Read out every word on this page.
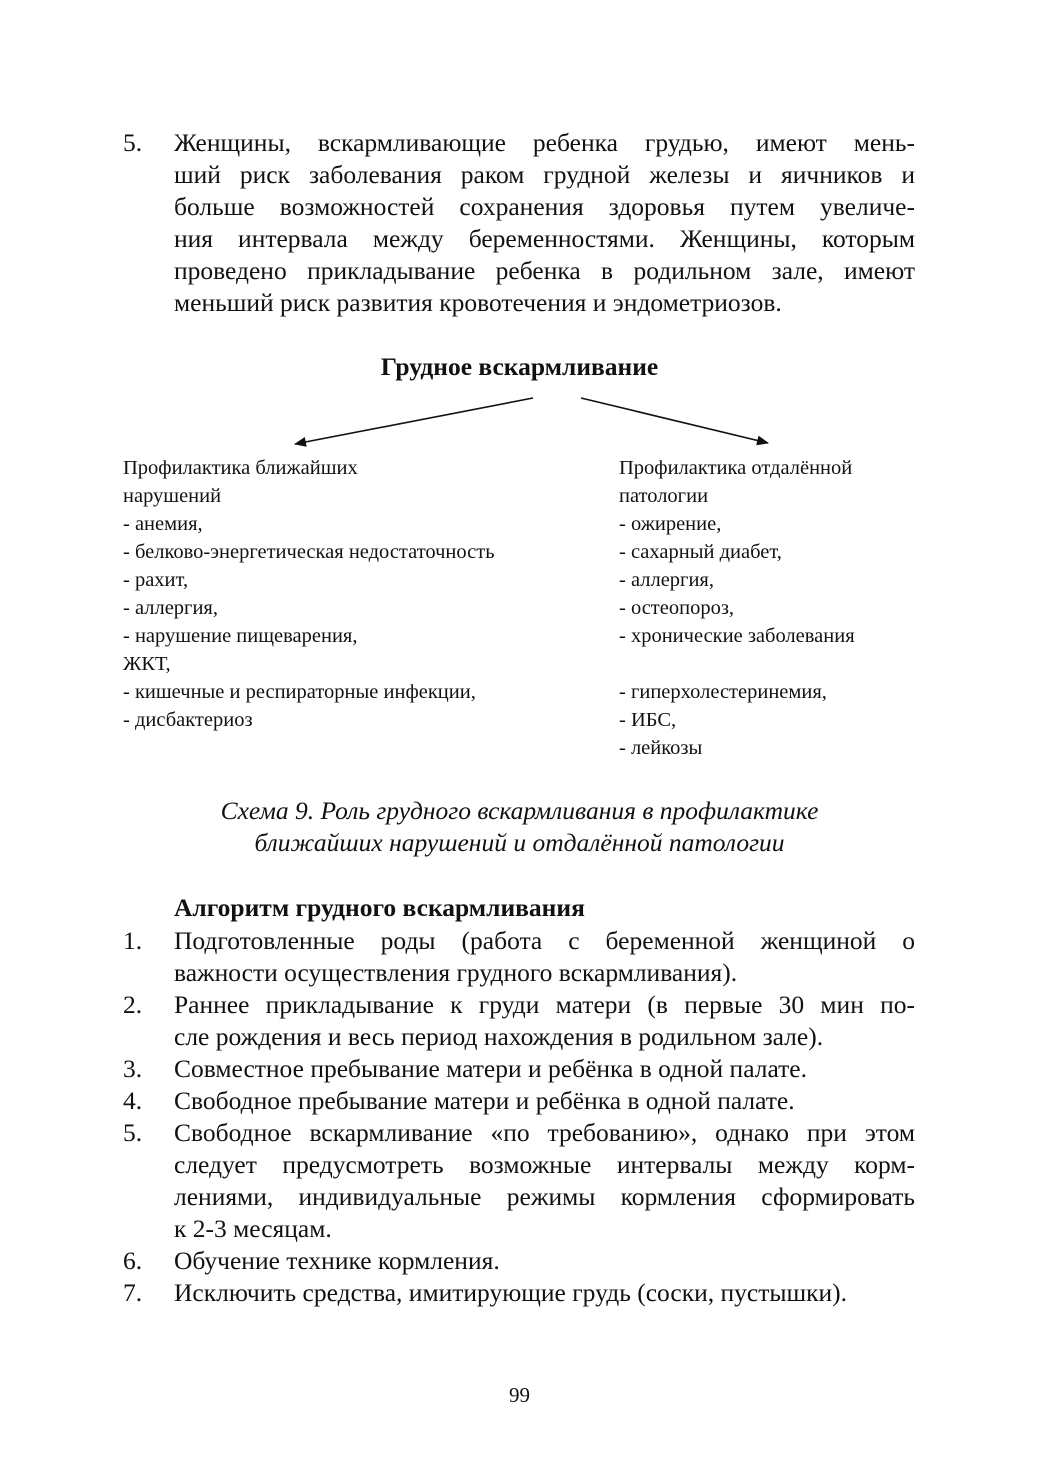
5. Женщины, вскармливающие ребенка грудью, имеют мень-

ший риск заболевания раком грудной железы и яичников и

больше возможностей сохранения здоровья путем увеличе-

ния интервала между беременностями. Женщины, которым

проведено прикладывание ребенка в родильном зале, имеют

меньший риск развития кровотечения и эндометриозов.

Грудное вскармливание
Профилактика ближайших
нарушений
- анемия,
- белково-энергетическая недостаточность
- рахит,
- аллергия,
- нарушение пищеварения,
ЖКТ,
- кишечные и респираторные инфекции,
- дисбактериоз
Профилактика отдалённой
патологии
- ожирение,
- сахарный диабет,
- аллергия,
- остеопороз,
- хронические заболевания
- гиперхолестеринемия,
- ИБС,
- лейкозы
Схема 9. Роль грудного вскармливания в профилактике
ближайших нарушений и отдалённой патологии
Алгоритм грудного вскармливания
1. Подготовленные роды (работа с беременной женщиной о

важности осуществления грудного вскармливания).

2. Раннее прикладывание к груди матери (в первые 30 мин по-

сле рождения и весь период нахождения в родильном зале).

3. Совместное пребывание матери и ребёнка в одной палате.

4. Свободное пребывание матери и ребёнка в одной палате.

5. Свободное вскармливание «по требованию», однако при этом

следует предусмотреть возможные интервалы между корм-

лениями, индивидуальные режимы кормления сформировать

к 2-3 месяцам.

6. Обучение технике кормления.

7. Исключить средства, имитирующие грудь (соски, пустышки).

99
